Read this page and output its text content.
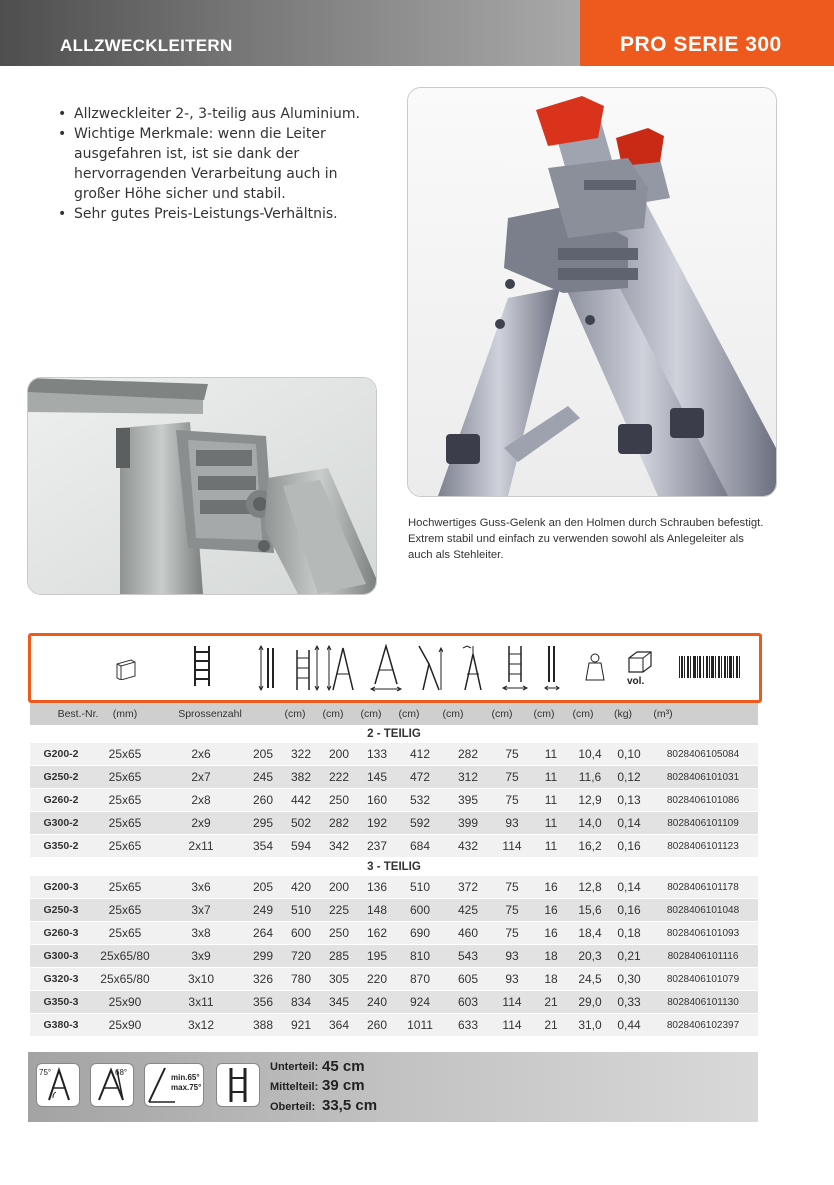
ALLZWECKLEITERN	PRO SERIE 300
• Allzweckleiter 2-, 3-teilig aus Aluminium.
• Wichtige Merkmale: wenn die Leiter ausgefahren ist, ist sie dank der hervorragenden Verarbeitung auch in großer Höhe sicher und stabil.
• Sehr gutes Preis-Leistungs-Verhältnis.
Hochwertiges Guss-Gelenk an den Holmen durch Schrauben befestigt. Extrem stabil und einfach zu verwenden sowohl als Anlegeleiter als auch als Stehleiter.
vol.
Best.-Nr. (mm)	Sprossenzahl	(cm) (cm) (cm) (cm) (cm)	(cm) (cm) (cm) (kg) (m³)
2 - TEILIG													
G200-2	25x65	2x6	205	322	200	133	412	282	75	11	10,4	0,10	8028406105084
G250-2	25x65	2x7	245	382	222	145	472	312	75	11	11,6	0,12	8028406101031
G260-2	25x65	2x8	260	442	250	160	532	395	75	11	12,9	0,13	8028406101086
G300-2	25x65	2x9	295	502	282	192	592	399	93	11	14,0	0,14	8028406101109
G350-2	25x65	2x11	354	594	342	237	684	432	114	11	16,2	0,16	8028406101123
3 - TEILIG													
G200-3	25x65	3x6	205	420	200	136	510	372	75	16	12,8	0,14	8028406101178
G250-3	25x65	3x7	249	510	225	148	600	425	75	16	15,6	0,16	8028406101048
G260-3	25x65	3x8	264	600	250	162	690	460	75	16	18,4	0,18	8028406101093
G300-3	25x65/80	3x9	299	720	285	195	810	543	93	18	20,3	0,21	8028406101116
G320-3	25x65/80	3x10	326	780	305	220	870	605	93	18	24,5	0,30	8028406101079
G350-3	25x90	3x11	356	834	345	240	924	603	114	21	29,0	0,33	8028406101130
G380-3	25x90	3x12	388	921	364	260	1011	633	114	21	31,0	0,44	8028406102397
75°	68°
min.65°
max.75°
Unterteil: 45 cm
Mittelteil: 39 cm
Oberteil: 33,5 cm
